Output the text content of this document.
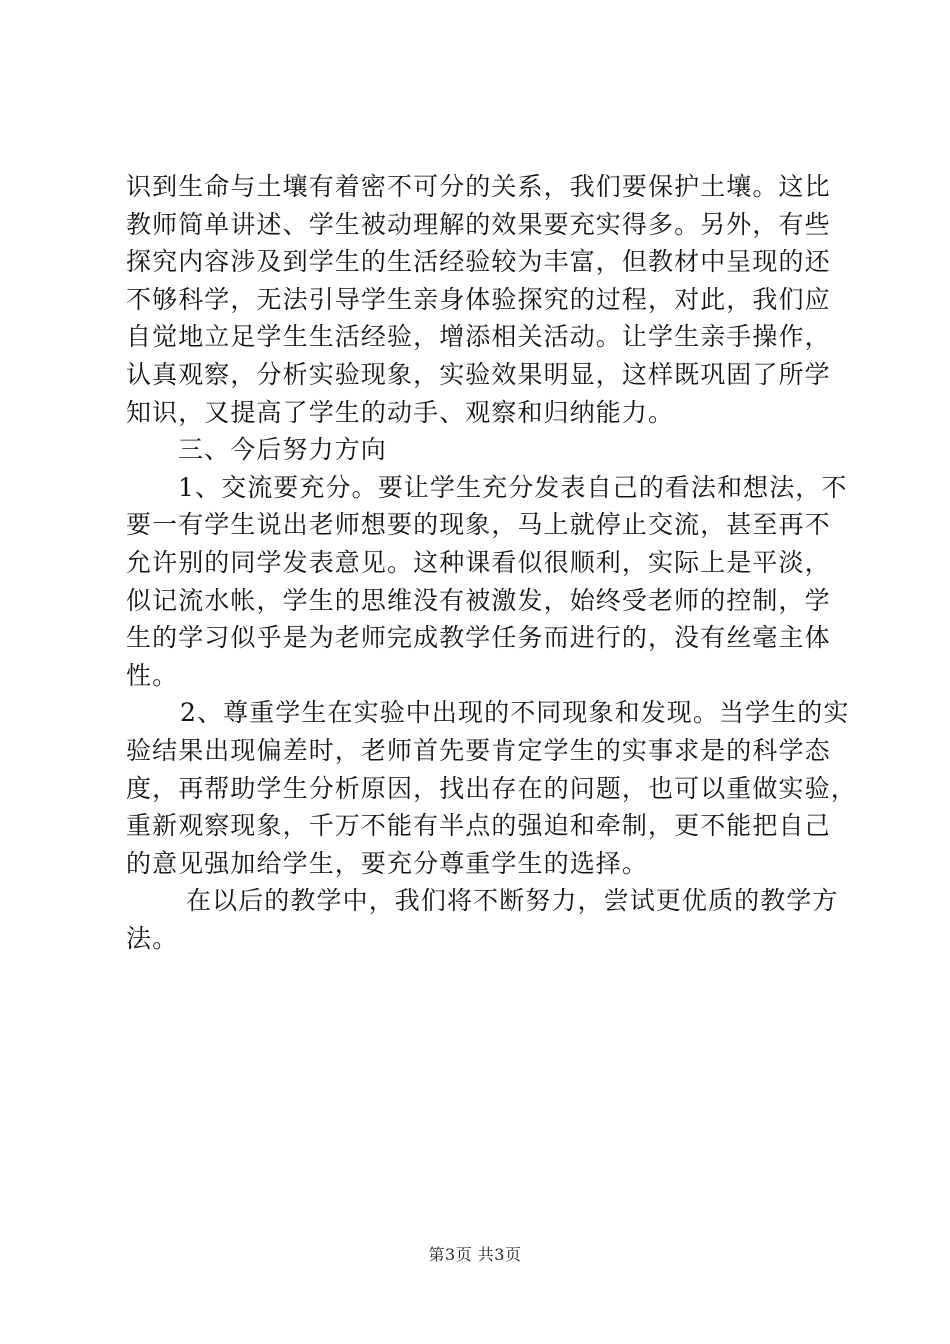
识到生命与土壤有着密不可分的关系，我们要保护土壤。这比
教师简单讲述、学生被动理解的效果要充实得多。另外，有些
探究内容涉及到学生的生活经验较为丰富，但教材中呈现的还
不够科学，无法引导学生亲身体验探究的过程，对此，我们应
自觉地立足学生生活经验，增添相关活动。让学生亲手操作，
认真观察，分析实验现象，实验效果明显，这样既巩固了所学
知识，又提高了学生的动手、观察和归纳能力。
三、今后努力方向
1、交流要充分。要让学生充分发表自己的看法和想法，不
要一有学生说出老师想要的现象，马上就停止交流，甚至再不
允许别的同学发表意见。这种课看似很顺利，实际上是平淡，
似记流水帐，学生的思维没有被激发，始终受老师的控制，学
生的学习似乎是为老师完成教学任务而进行的，没有丝毫主体
性。
2、尊重学生在实验中出现的不同现象和发现。当学生的实
验结果出现偏差时，老师首先要肯定学生的实事求是的科学态
度，再帮助学生分析原因，找出存在的问题，也可以重做实验，
重新观察现象，千万不能有半点的强迫和牵制，更不能把自己
的意见强加给学生，要充分尊重学生的选择。
在以后的教学中，我们将不断努力，尝试更优质的教学方
法。
第3页 共3页
